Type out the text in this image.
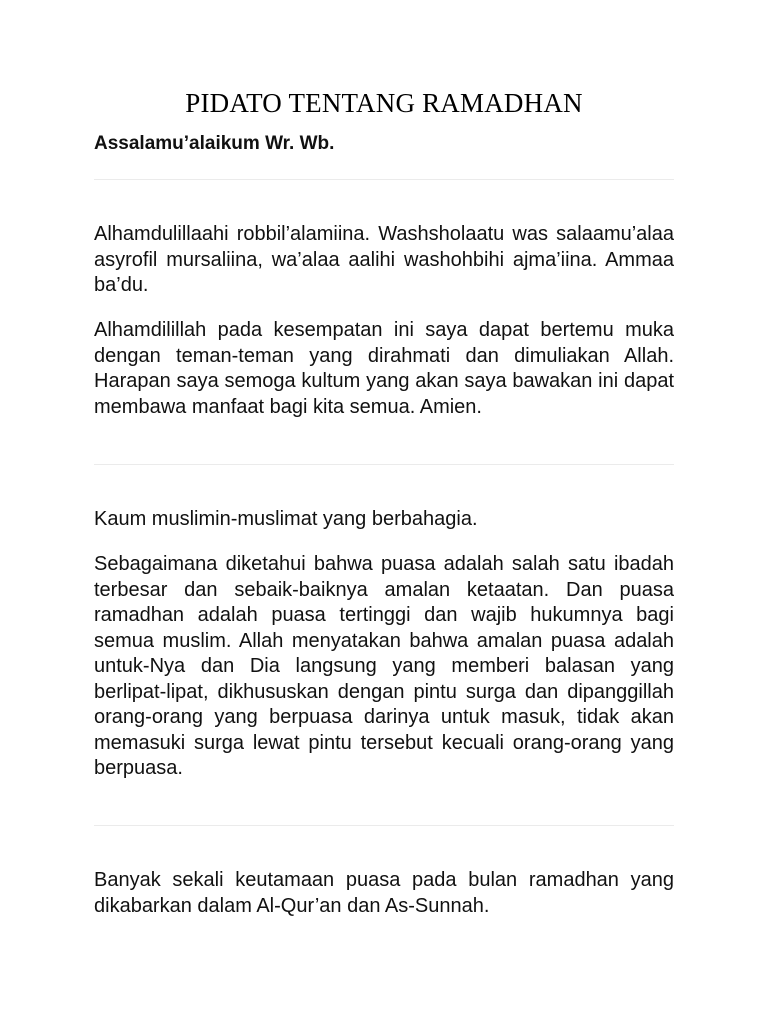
PIDATO TENTANG RAMADHAN

Assalamu’alaikum Wr. Wb.

Alhamdulillaahi robbil’alamiina. Washsholaatu was salaamu’alaa asyrofil mursaliina, wa’alaa aalihi washohbihi ajma’iina. Ammaa ba’du.

Alhamdilillah pada kesempatan ini saya dapat bertemu muka dengan teman-teman yang dirahmati dan dimuliakan Allah. Harapan saya semoga kultum yang akan saya bawakan ini dapat membawa manfaat bagi kita semua. Amien.

Kaum muslimin-muslimat yang berbahagia.

Sebagaimana diketahui bahwa puasa adalah salah satu ibadah terbesar dan sebaik-baiknya amalan ketaatan. Dan puasa ramadhan adalah puasa tertinggi dan wajib hukumnya bagi semua muslim. Allah menyatakan bahwa amalan puasa adalah untuk-Nya dan Dia langsung yang memberi balasan yang berlipat-lipat, dikhususkan dengan pintu surga dan dipanggillah orang-orang yang berpuasa darinya untuk masuk, tidak akan memasuki surga lewat pintu tersebut kecuali orang-orang yang berpuasa.

Banyak sekali keutamaan puasa pada bulan ramadhan yang dikabarkan dalam Al-Qur’an dan As-Sunnah.
